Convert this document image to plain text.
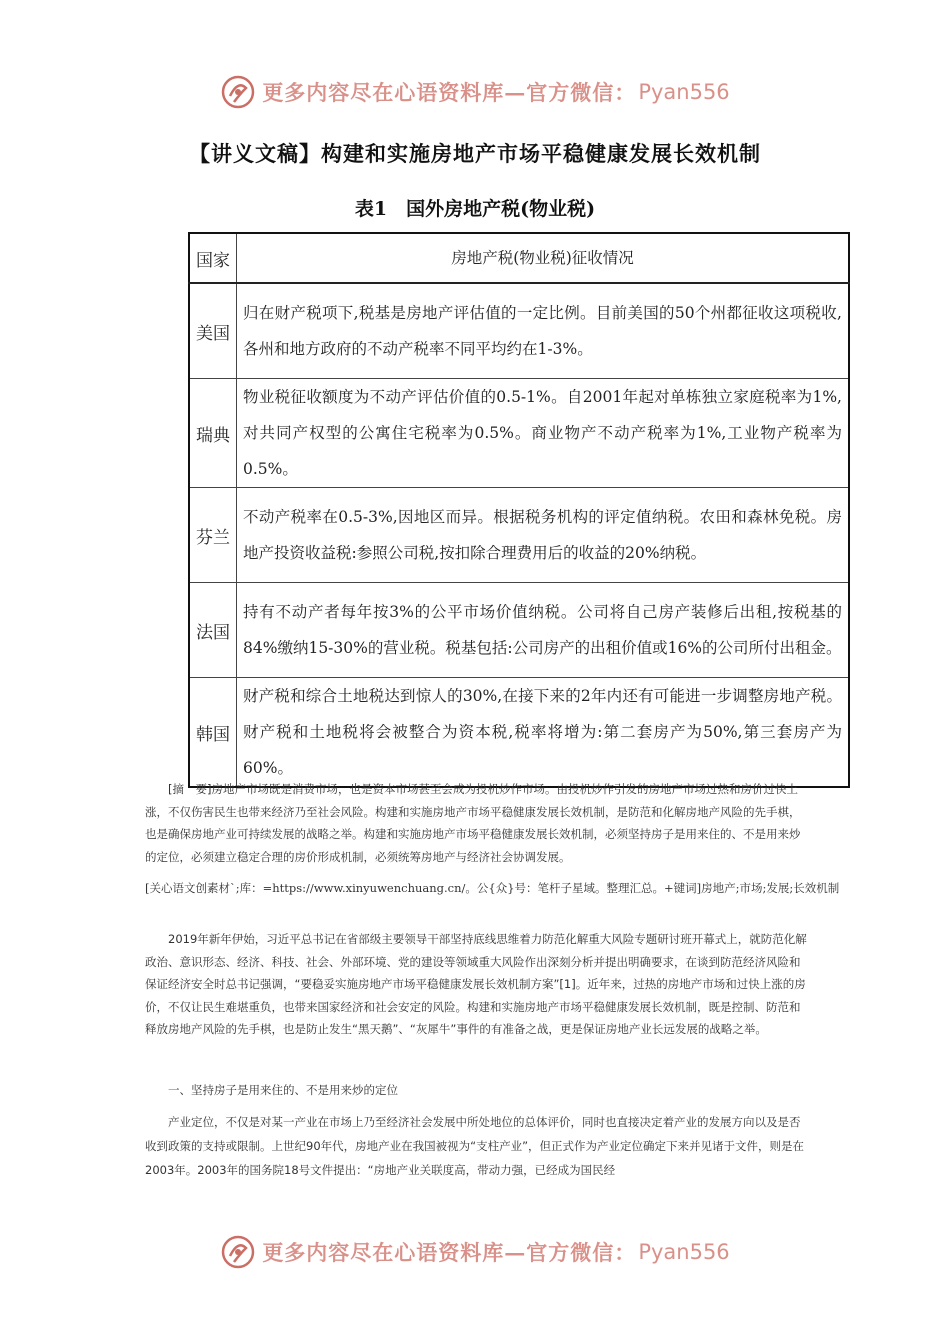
更多内容尽在心语资料库—官方微信： Pyan556
【讲义文稿】构建和实施房地产市场平稳健康发展长效机制
表1　国外房地产税(物业税)
国家	房地产税(物业税)征收情况
美国	归在财产税项下,税基是房地产评估值的一定比例。目前美国的50个州都征收这项税收,各州和地方政府的不动产税率不同平均约在1-3%。
瑞典	物业税征收额度为不动产评估价值的0.5-1%。自2001年起对单栋独立家庭税率为1%,对共同产权型的公寓住宅税率为0.5%。商业物产不动产税率为1%,工业物产税率为0.5%。
芬兰	不动产税率在0.5-3%,因地区而异。根据税务机构的评定值纳税。农田和森林免税。房地产投资收益税:参照公司税,按扣除合理费用后的收益的20%纳税。
法国	持有不动产者每年按3%的公平市场价值纳税。公司将自己房产装修后出租,按税基的84%缴纳15-30%的营业税。税基包括:公司房产的出租价值或16%的公司所付出租金。
韩国	财产税和综合土地税达到惊人的30%,在接下来的2年内还有可能进一步调整房地产税。财产税和土地税将会被整合为资本税,税率将增为:第二套房产为50%,第三套房产为60%。
[摘　要]房地产市场既是消费市场，也是资本市场甚至会成为投机炒作市场。由投机炒作引发的房地产市场过热和房价过快上涨，不仅伤害民生也带来经济乃至社会风险。构建和实施房地产市场平稳健康发展长效机制，是防范和化解房地产风险的先手棋，也是确保房地产业可持续发展的战略之举。构建和实施房地产市场平稳健康发展长效机制，必须坚持房子是用来住的、不是用来炒的定位，必须建立稳定合理的房价形成机制，必须统筹房地产与经济社会协调发展。
[关心语文创素材`;库：=https://www.xinyuwenchuang.cn/。公{众}号：笔杆子星域。整理汇总。+键词]房地产;市场;发展;长效机制
2019年新年伊始，习近平总书记在省部级主要领导干部坚持底线思维着力防范化解重大风险专题研讨班开幕式上，就防范化解政治、意识形态、经济、科技、社会、外部环境、党的建设等领域重大风险作出深刻分析并提出明确要求，在谈到防范经济风险和保证经济安全时总书记强调，“要稳妥实施房地产市场平稳健康发展长效机制方案”[1]。近年来，过热的房地产市场和过快上涨的房价，不仅让民生难堪重负，也带来国家经济和社会安定的风险。构建和实施房地产市场平稳健康发展长效机制，既是控制、防范和释放房地产风险的先手棋，也是防止发生“黑天鹅”、“灰犀牛”事件的有准备之战，更是保证房地产业长远发展的战略之举。
一、坚持房子是用来住的、不是用来炒的定位
产业定位，不仅是对某一产业在市场上乃至经济社会发展中所处地位的总体评价，同时也直接决定着产业的发展方向以及是否收到政策的支持或限制。上世纪90年代，房地产业在我国被视为“支柱产业”，但正式作为产业定位确定下来并见诸于文件，则是在2003年。2003年的国务院18号文件提出：“房地产业关联度高，带动力强，已经成为国民经
更多内容尽在心语资料库—官方微信： Pyan556
